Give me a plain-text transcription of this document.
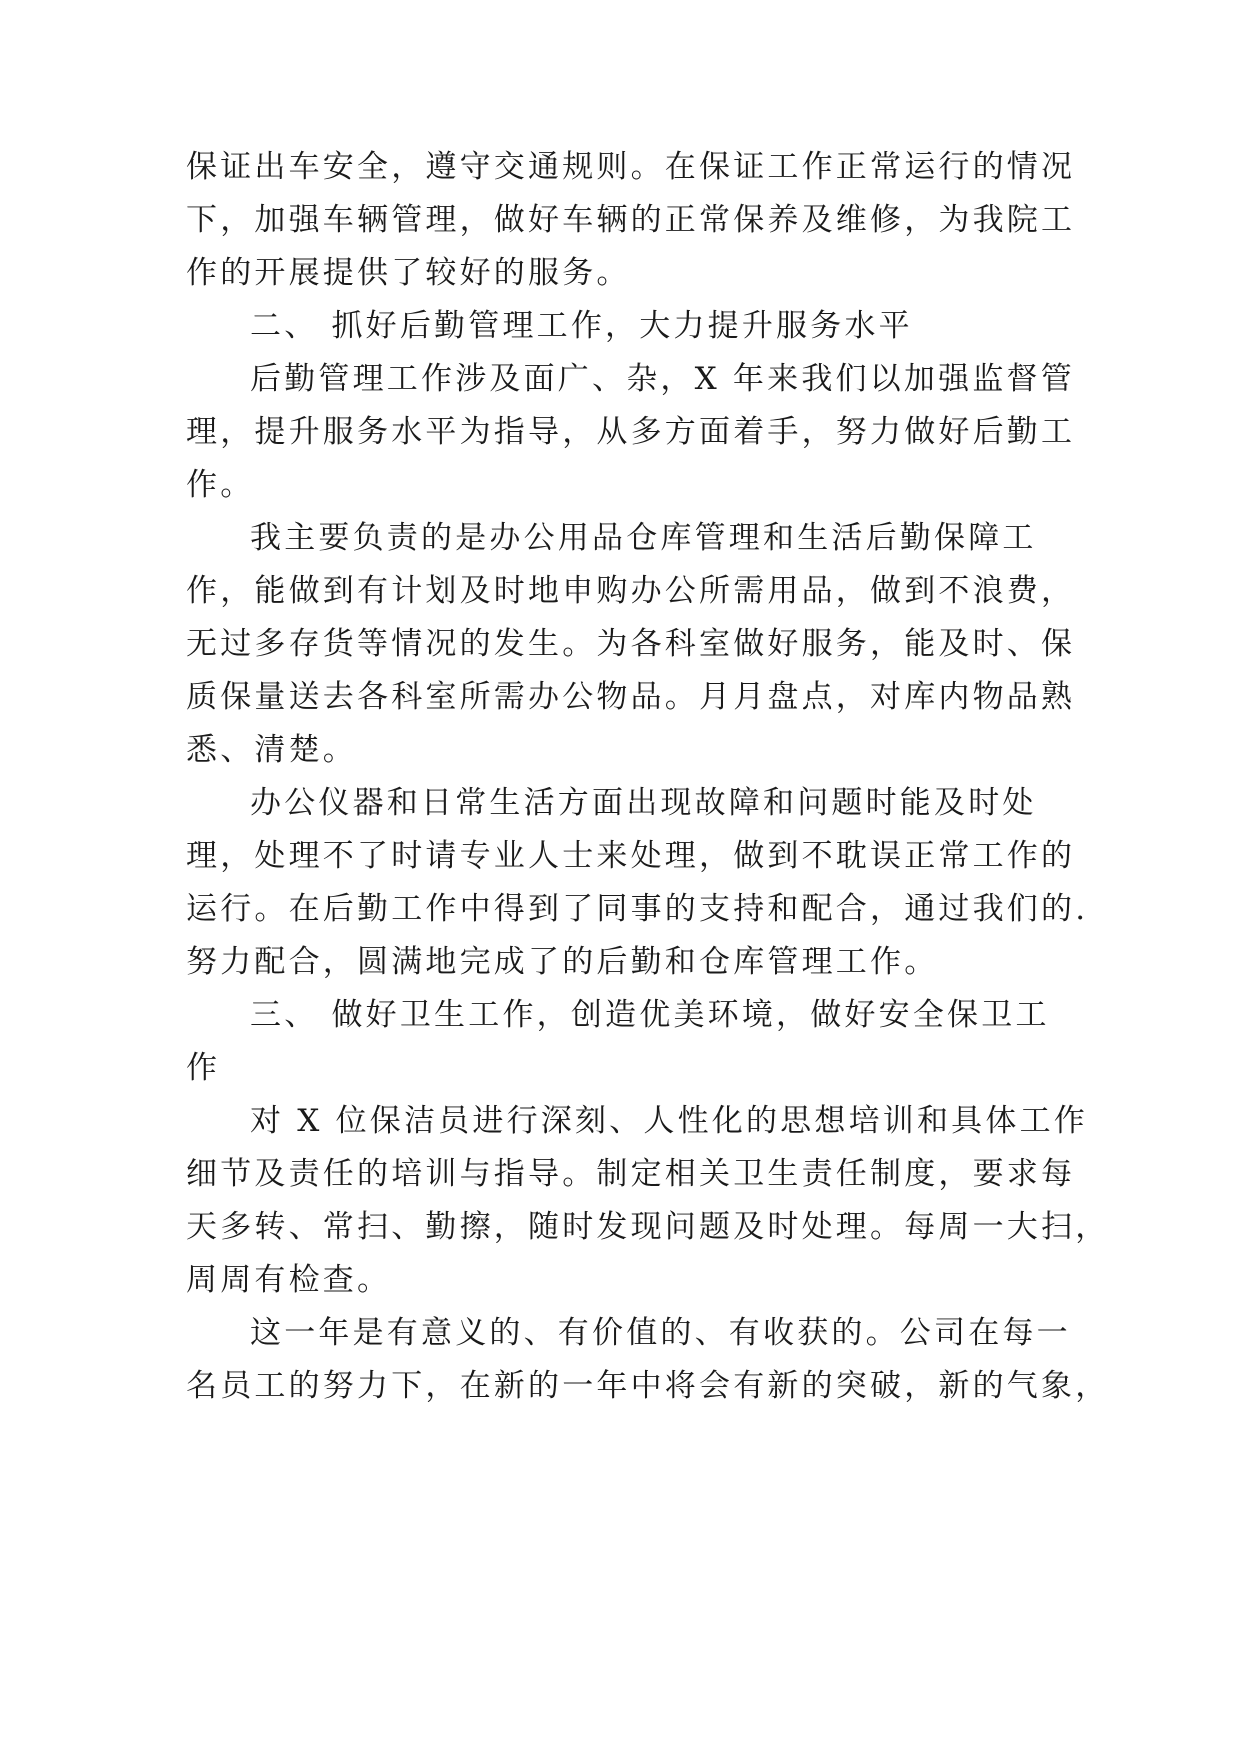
保证出车安全，遵守交通规则。在保证工作正常运行的情况
下，加强车辆管理，做好车辆的正常保养及维修，为我院工
作的开展提供了较好的服务。
二、 抓好后勤管理工作，大力提升服务水平
后勤管理工作涉及面广、杂，X 年来我们以加强监督管
理，提升服务水平为指导，从多方面着手，努力做好后勤工
作。
我主要负责的是办公用品仓库管理和生活后勤保障工
作，能做到有计划及时地申购办公所需用品，做到不浪费，
无过多存货等情况的发生。为各科室做好服务，能及时、保
质保量送去各科室所需办公物品。月月盘点，对库内物品熟
悉、清楚。
办公仪器和日常生活方面出现故障和问题时能及时处
理，处理不了时请专业人士来处理，做到不耽误正常工作的
运行。在后勤工作中得到了同事的支持和配合，通过我们的.
努力配合，圆满地完成了的后勤和仓库管理工作。
三、 做好卫生工作，创造优美环境，做好安全保卫工
作
对 X 位保洁员进行深刻、人性化的思想培训和具体工作
细节及责任的培训与指导。制定相关卫生责任制度，要求每
天多转、常扫、勤擦，随时发现问题及时处理。每周一大扫，
周周有检查。
这一年是有意义的、有价值的、有收获的。公司在每一
名员工的努力下，在新的一年中将会有新的突破，新的气象，
